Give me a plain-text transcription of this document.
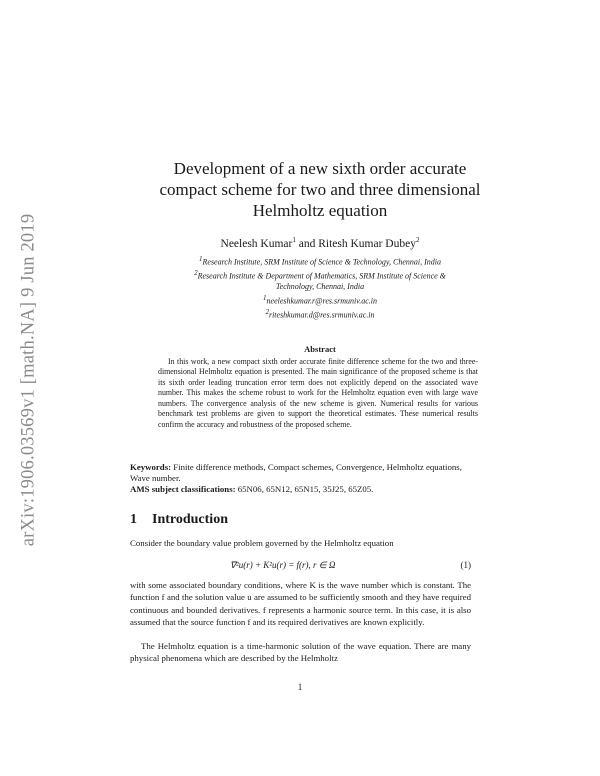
arXiv:1906.03569v1 [math.NA] 9 Jun 2019
Development of a new sixth order accurate
compact scheme for two and three dimensional
Helmholtz equation
Neelesh Kumar$^1$ and Ritesh Kumar Dubey$^2$
$^1$Research Institute, SRM Institute of Science & Technology, Chennai, India
$^2$Research Institute & Department of Mathematics, SRM Institute of Science &
Technology, Chennai, India
$^1$neeleshkumar.r@res.srmuniv.ac.in
$^2$riteshkumar.d@res.srmuniv.ac.in
Abstract
In this work, a new compact sixth order accurate finite difference scheme for the two and three-dimensional Helmholtz equation is presented. The main significance of the proposed scheme is that its sixth order leading truncation error term does not explicitly depend on the associated wave number. This makes the scheme robust to work for the Helmholtz equation even with large wave numbers. The convergence analysis of the new scheme is given. Numerical results for various benchmark test problems are given to support the theoretical estimates. These numerical results confirm the accuracy and robustness of the proposed scheme.
Keywords: Finite difference methods, Compact schemes, Convergence, Helmholtz equations, Wave number.
AMS subject classifications: 65N06, 65N12, 65N15, 35J25, 65Z05.
1 Introduction
Consider the boundary value problem governed by the Helmholtz equation
∇²u(r) + K²u(r) = f(r), r ∈ Ω	(1)
with some associated boundary conditions, where K is the wave number which is constant. The function f and the solution value u are assumed to be sufficiently smooth and they have required continuous and bounded derivatives. f represents a harmonic source term. In this case, it is also assumed that the source function f and its required derivatives are known explicitly.
The Helmholtz equation is a time-harmonic solution of the wave equation. There are many physical phenomena which are described by the Helmholtz
1
